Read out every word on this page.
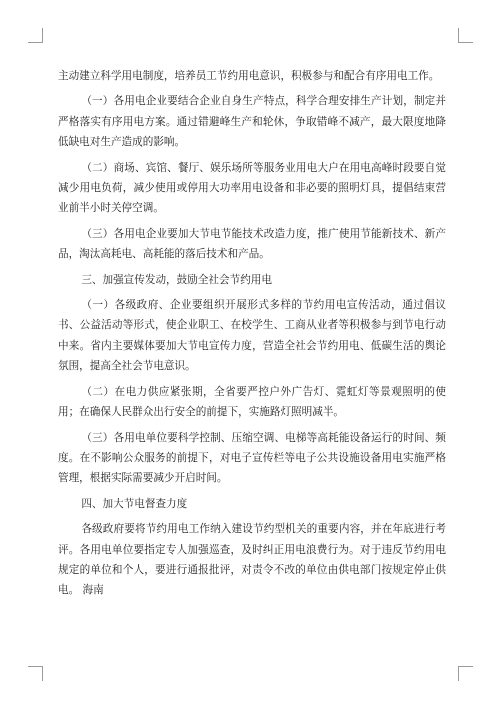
主动建立科学用电制度，培养员工节约用电意识，积极参与和配合有序用电工作。

（一）各用电企业要结合企业自身生产特点，科学合理安排生产计划，制定并严格落实有序用电方案。通过错避峰生产和轮休，争取错峰不减产，最大限度地降低缺电对生产造成的影响。

（二）商场、宾馆、餐厅、娱乐场所等服务业用电大户在用电高峰时段要自觉减少用电负荷，减少使用或停用大功率用电设备和非必要的照明灯具，提倡结束营业前半小时关停空调。

（三）各用电企业要加大节电节能技术改造力度，推广使用节能新技术、新产品，淘汰高耗电、高耗能的落后技术和产品。

三、加强宣传发动，鼓励全社会节约用电

（一）各级政府、企业要组织开展形式多样的节约用电宣传活动，通过倡议书、公益活动等形式，使企业职工、在校学生、工商从业者等积极参与到节电行动中来。省内主要媒体要加大节电宣传力度，营造全社会节约用电、低碳生活的舆论氛围，提高全社会节电意识。

（二）在电力供应紧张期，全省要严控户外广告灯、霓虹灯等景观照明的使用；在确保人民群众出行安全的前提下，实施路灯照明减半。

（三）各用电单位要科学控制、压缩空调、电梯等高耗能设备运行的时间、频度。在不影响公众服务的前提下，对电子宣传栏等电子公共设施设备用电实施严格管理，根据实际需要减少开启时间。

四、加大节电督查力度

各级政府要将节约用电工作纳入建设节约型机关的重要内容，并在年底进行考评。各用电单位要指定专人加强巡查，及时纠正用电浪费行为。对于违反节约用电规定的单位和个人，要进行通报批评，对责令不改的单位由供电部门按规定停止供电。 海南
